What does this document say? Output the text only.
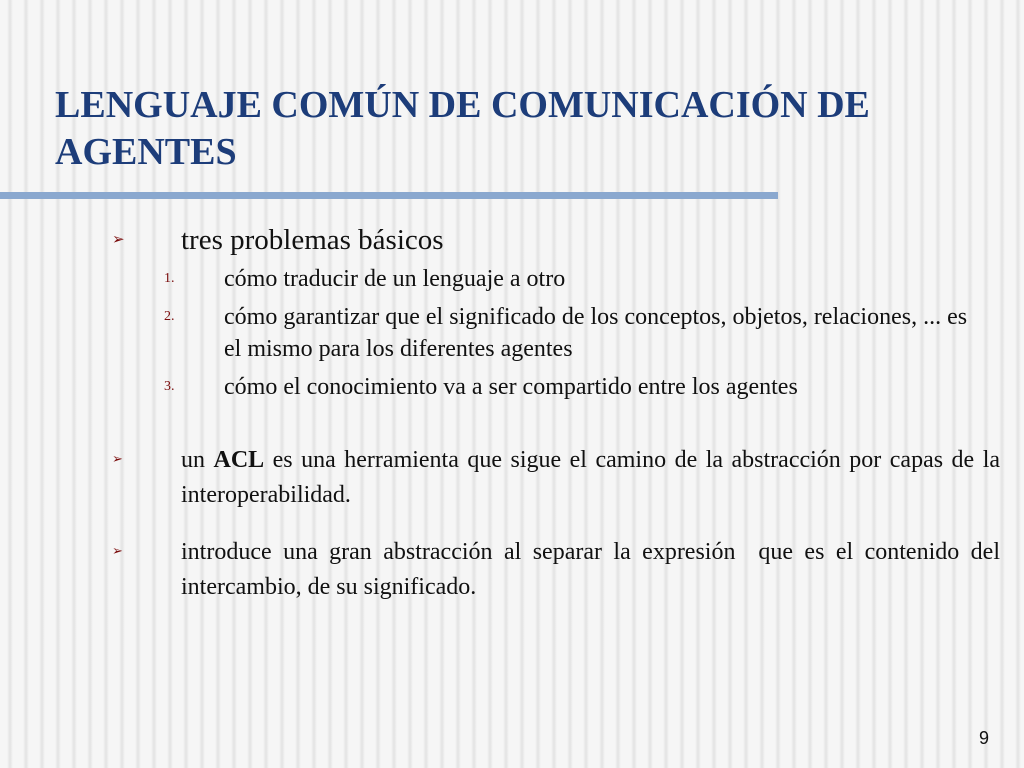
LENGUAJE COMÚN DE COMUNICACIÓN DE AGENTES
➢	tres problemas básicos
1.	cómo traducir de un lenguaje a otro
2.	cómo garantizar que el significado de los conceptos, objetos, relaciones, ... es el mismo para los diferentes agentes
3.	cómo el conocimiento va a ser compartido entre los agentes
➢	un ACL es una herramienta que sigue el camino de la abstracción por capas de la interoperabilidad.
➢	introduce una gran abstracción al separar la expresión  que es el contenido del intercambio, de su significado.
9
